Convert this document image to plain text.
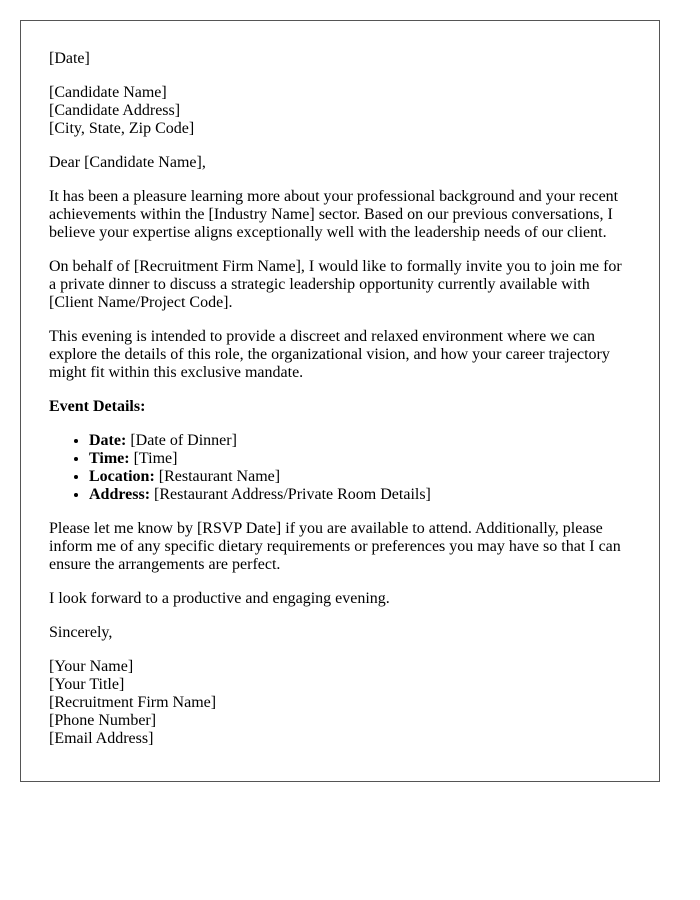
[Date]
[Candidate Name]
[Candidate Address]
[City, State, Zip Code]
Dear [Candidate Name],

It has been a pleasure learning more about your professional background and your recent achievements within the [Industry Name] sector. Based on our previous conversations, I believe your expertise aligns exceptionally well with the leadership needs of our client.

On behalf of [Recruitment Firm Name], I would like to formally invite you to join me for a private dinner to discuss a strategic leadership opportunity currently available with [Client Name/Project Code].

This evening is intended to provide a discreet and relaxed environment where we can explore the details of this role, the organizational vision, and how your career trajectory might fit within this exclusive mandate.

Event Details:
• Date: [Date of Dinner]
• Time: [Time]
• Location: [Restaurant Name]
• Address: [Restaurant Address/Private Room Details]

Please let me know by [RSVP Date] if you are available to attend. Additionally, please inform me of any specific dietary requirements or preferences you may have so that I can ensure the arrangements are perfect.

I look forward to a productive and engaging evening.

Sincerely,
[Your Name]
[Your Title]
[Recruitment Firm Name]
[Phone Number]
[Email Address]
